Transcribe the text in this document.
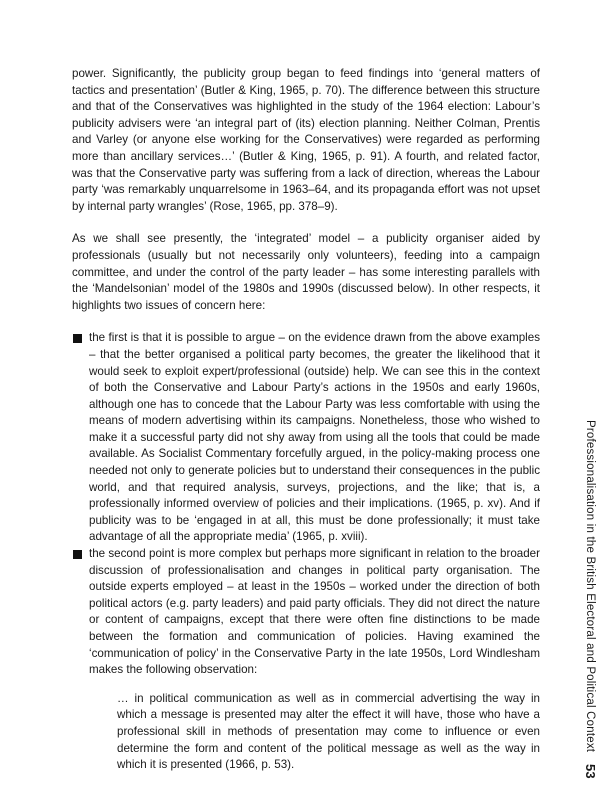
power. Significantly, the publicity group began to feed findings into ‘general matters of tactics and presentation’ (Butler & King, 1965, p. 70). The difference between this structure and that of the Conservatives was highlighted in the study of the 1964 election: Labour’s publicity advisers were ‘an integral part of (its) election planning. Neither Colman, Prentis and Varley (or anyone else working for the Conservatives) were regarded as performing more than ancillary services…’ (Butler & King, 1965, p. 91). A fourth, and related factor, was that the Conservative party was suffering from a lack of direction, whereas the Labour party ‘was remarkably unquarrelsome in 1963–64, and its propaganda effort was not upset by internal party wrangles’ (Rose, 1965, pp. 378–9).

As we shall see presently, the ‘integrated’ model – a publicity organiser aided by professionals (usually but not necessarily only volunteers), feeding into a campaign committee, and under the control of the party leader – has some interesting parallels with the ‘Mandelsonian’ model of the 1980s and 1990s (discussed below). In other respects, it highlights two issues of concern here:

the first is that it is possible to argue – on the evidence drawn from the above examples – that the better organised a political party becomes, the greater the likelihood that it would seek to exploit expert/professional (outside) help. We can see this in the context of both the Conservative and Labour Party’s actions in the 1950s and early 1960s, although one has to concede that the Labour Party was less comfortable with using the means of modern advertising within its campaigns. Nonetheless, those who wished to make it a successful party did not shy away from using all the tools that could be made available. As Socialist Commentary forcefully argued, in the policy-making process one needed not only to generate policies but to understand their consequences in the public world, and that required analysis, surveys, projections, and the like; that is, a professionally informed overview of policies and their implications. (1965, p. xv). And if publicity was to be ‘engaged in at all, this must be done professionally; it must take advantage of all the appropriate media’ (1965, p. xviii).
the second point is more complex but perhaps more significant in relation to the broader discussion of professionalisation and changes in political party organisation. The outside experts employed – at least in the 1950s – worked under the direction of both political actors (e.g. party leaders) and paid party officials. They did not direct the nature or content of campaigns, except that there were often fine distinctions to be made between the formation and communication of policies. Having examined the ‘communication of policy’ in the Conservative Party in the late 1950s, Lord Windlesham makes the following observation:

… in political communication as well as in commercial advertising the way in which a message is presented may alter the effect it will have, those who have a professional skill in methods of presentation may come to influence or even determine the form and content of the political message as well as the way in which it is presented (1966, p. 53).

Professionalisation in the British Electoral and Political Context 53
